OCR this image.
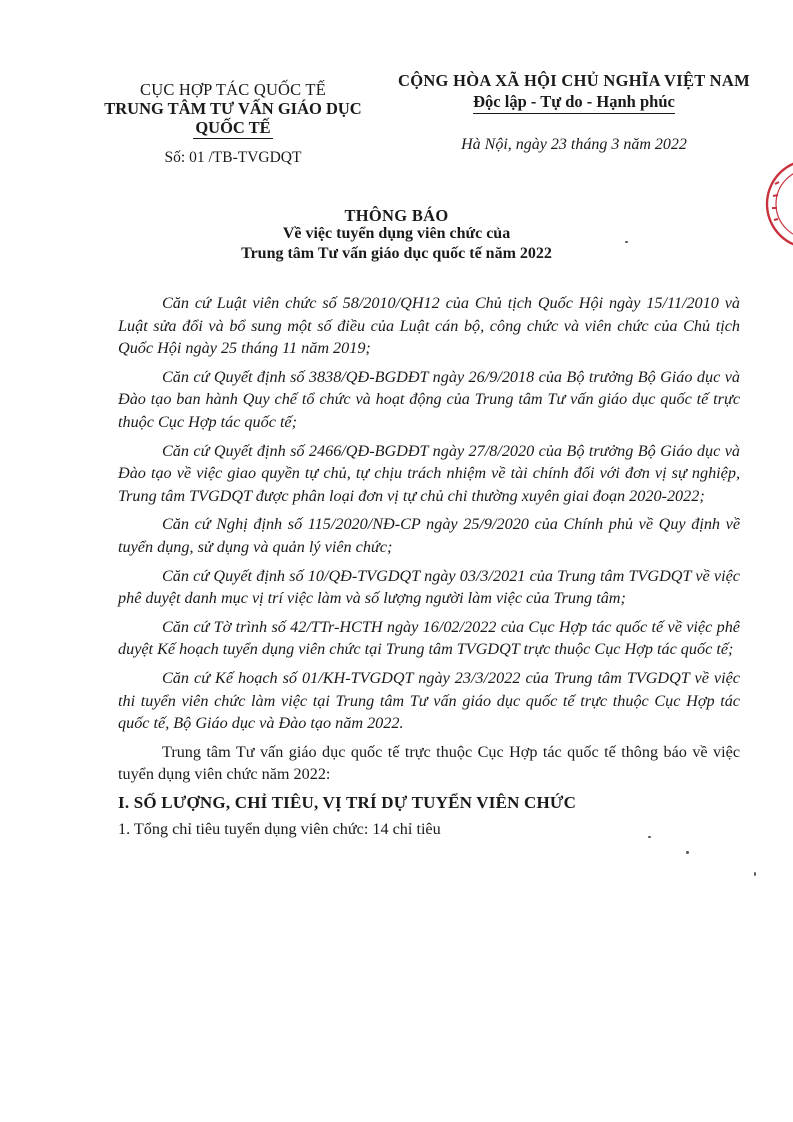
CỤC HỢP TÁC QUỐC TẾ
TRUNG TÂM TƯ VẤN GIÁO DỤC
QUỐC TẾ
Số: 01 /TB-TVGDQT
CỘNG HÒA XÃ HỘI CHỦ NGHĨA VIỆT NAM
Độc lập - Tự do - Hạnh phúc
Hà Nội, ngày 23 tháng 3 năm 2022
THÔNG BÁO
Về việc tuyển dụng viên chức của
Trung tâm Tư vấn giáo dục quốc tế năm 2022

Căn cứ Luật viên chức số 58/2010/QH12 của Chủ tịch Quốc Hội ngày 15/11/2010 và Luật sửa đổi và bổ sung một số điều của Luật cán bộ, công chức và viên chức của Chủ tịch Quốc Hội ngày 25 tháng 11 năm 2019;

Căn cứ Quyết định số 3838/QĐ-BGDĐT ngày 26/9/2018 của Bộ trưởng Bộ Giáo dục và Đào tạo ban hành Quy chế tổ chức và hoạt động của Trung tâm Tư vấn giáo dục quốc tế trực thuộc Cục Hợp tác quốc tế;

Căn cứ Quyết định số 2466/QĐ-BGDĐT ngày 27/8/2020 của Bộ trưởng Bộ Giáo dục và Đào tạo về việc giao quyền tự chủ, tự chịu trách nhiệm về tài chính đối với đơn vị sự nghiệp, Trung tâm TVGDQT được phân loại đơn vị tự chủ chi thường xuyên giai đoạn 2020-2022;

Căn cứ Nghị định số 115/2020/NĐ-CP ngày 25/9/2020 của Chính phủ về Quy định về tuyển dụng, sử dụng và quản lý viên chức;

Căn cứ Quyết định số 10/QĐ-TVGDQT ngày 03/3/2021 của Trung tâm TVGDQT về việc phê duyệt danh mục vị trí việc làm và số lượng người làm việc của Trung tâm;

Căn cứ Tờ trình số 42/TTr-HCTH ngày 16/02/2022 của Cục Hợp tác quốc tế về việc phê duyệt Kế hoạch tuyển dụng viên chức tại Trung tâm TVGDQT trực thuộc Cục Hợp tác quốc tế;

Căn cứ Kế hoạch số 01/KH-TVGDQT ngày 23/3/2022 của Trung tâm TVGDQT về việc thi tuyển viên chức làm việc tại Trung tâm Tư vấn giáo dục quốc tế trực thuộc Cục Hợp tác quốc tế, Bộ Giáo dục và Đào tạo năm 2022.

Trung tâm Tư vấn giáo dục quốc tế trực thuộc Cục Hợp tác quốc tế thông báo về việc tuyển dụng viên chức năm 2022:

I. SỐ LƯỢNG, CHỈ TIÊU, VỊ TRÍ DỰ TUYỂN VIÊN CHỨC
1. Tổng chỉ tiêu tuyển dụng viên chức: 14 chỉ tiêu
